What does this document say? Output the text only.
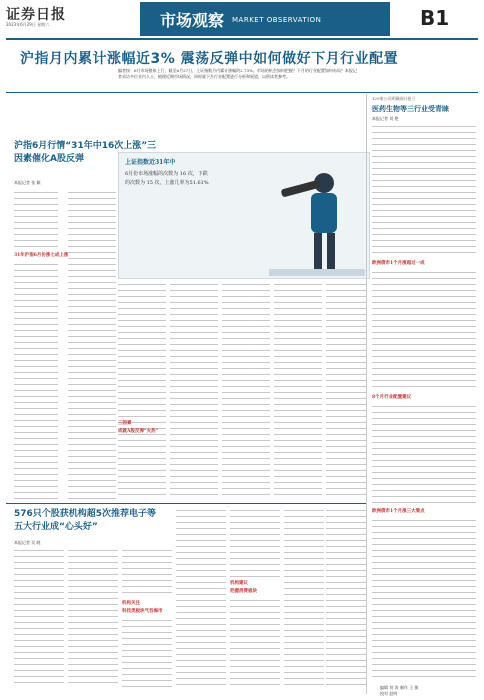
证券日报
2023年6月29日 星期六	市场观察 MARKET OBSERVATION	B1
沪指月内累计涨幅近3% 震荡反弹中如何做好下月行业配置
编者按：6月市场整体上行，截至6月27日，上证指数月内累计涨幅约2.73%。市场的机会如何把握？下月的行业配置如何布局？本报记者采访多位业内人士，梳理近期市场情况，同时就下月行业配置进行分析和展望，以供读者参考。
沪指6月行情“31年中16次上涨”三因素催化A股反弹
本报记者 张 颖
31年沪指6月份涨七成上涨
上证指数近31年中
6月份市场涨幅的次数为 16 次，下跌
的次数为 15 次，上涨几率为51.61%
三因素
成就A股反弹“火热”
576只个股获机构超5次推荐电子等五大行业成“心头好”
本报记者 吴 晓
机构关注
科技类板块气吞海市
机构建议
把握消费板块
129家公司明确预计扭亏
医药生物等三行业受青睐
本报记者 刘 艳
欧洲债市1个月涨超过一成
8个月行业配置建议
欧洲债市1个月涨三大看点
编辑 刘 涛 制作 王 敏
校对 赵明
